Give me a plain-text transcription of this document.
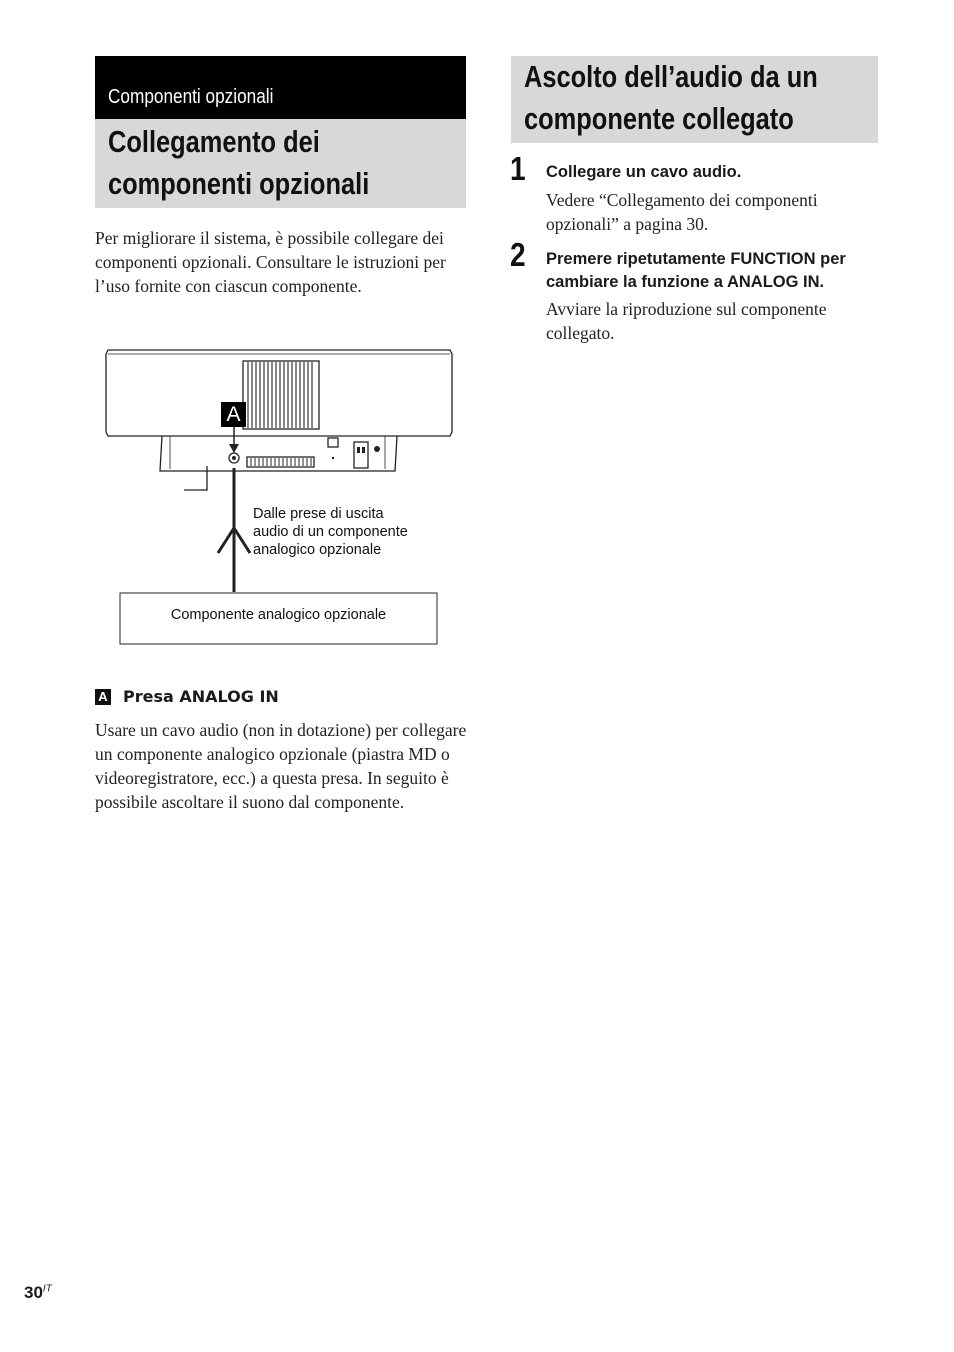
Componenti opzionali
Collegamento dei
componenti opzionali
Per migliorare il sistema, è possibile collegare dei componenti opzionali. Consultare le istruzioni per l’uso fornite con ciascun componente.
A
Dalle prese di uscita
audio di un componente
analogico opzionale
Componente analogico opzionale
A Presa ANALOG IN
Usare un cavo audio (non in dotazione) per collegare un componente analogico opzionale (piastra MD o videoregistratore, ecc.) a questa presa. In seguito è possibile ascoltare il suono dal componente.
Ascolto dell’audio da un
componente collegato
1 Collegare un cavo audio.
Vedere “Collegamento dei componenti opzionali” a pagina 30.
2 Premere ripetutamente FUNCTION per cambiare la funzione a ANALOG IN.
Avviare la riproduzione sul componente collegato.
$30^{IT}$
